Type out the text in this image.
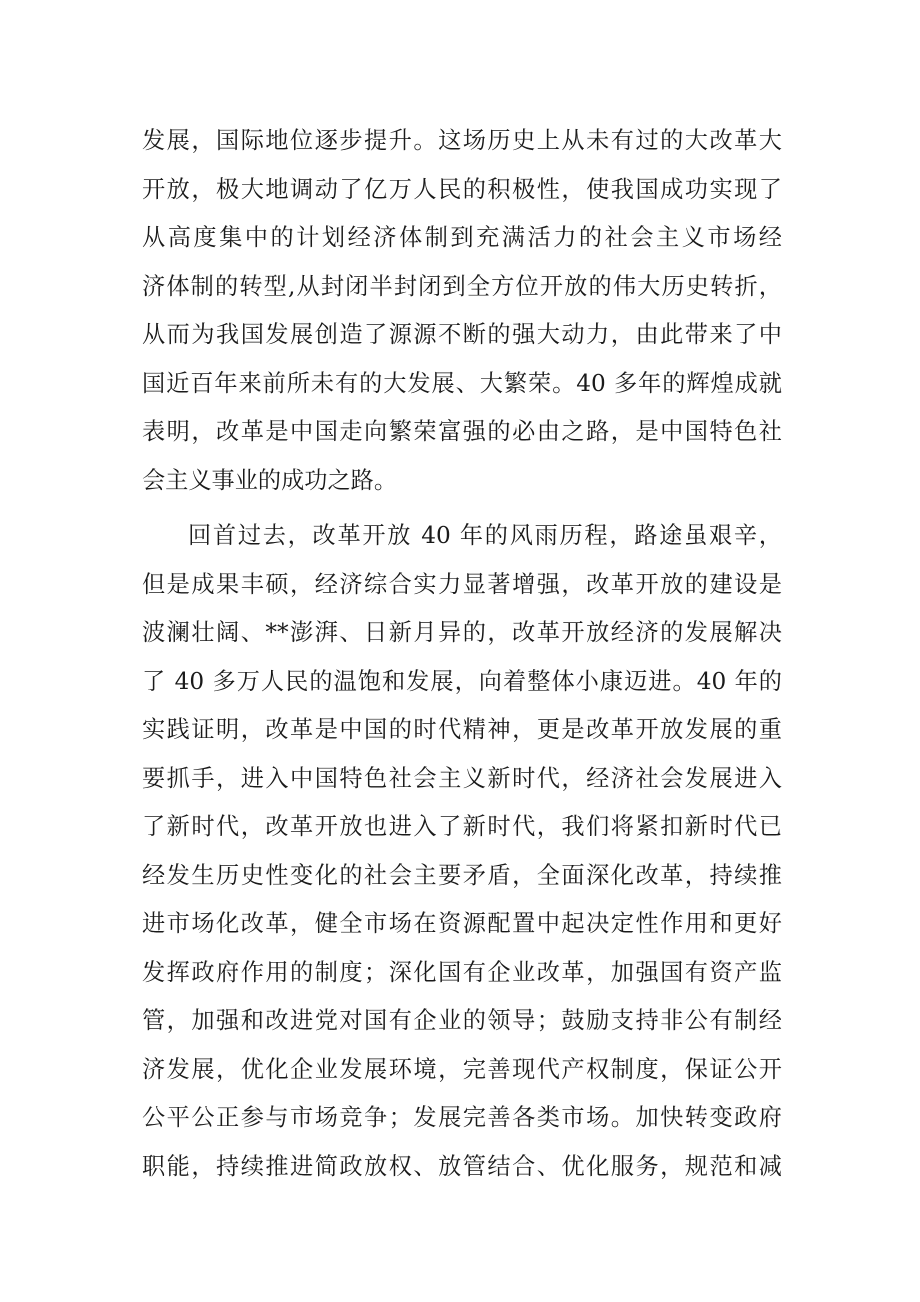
发展，国际地位逐步提升。这场历史上从未有过的大改革大
开放，极大地调动了亿万人民的积极性，使我国成功实现了
从高度集中的计划经济体制到充满活力的社会主义市场经
济体制的转型,从封闭半封闭到全方位开放的伟大历史转折，
从而为我国发展创造了源源不断的强大动力，由此带来了中
国近百年来前所未有的大发展、大繁荣。40 多年的辉煌成就
表明，改革是中国走向繁荣富强的必由之路，是中国特色社
会主义事业的成功之路。
回首过去，改革开放 40 年的风雨历程，路途虽艰辛，
但是成果丰硕，经济综合实力显著增强，改革开放的建设是
波澜壮阔、**澎湃、日新月异的，改革开放经济的发展解决
了 40 多万人民的温饱和发展，向着整体小康迈进。40 年的
实践证明，改革是中国的时代精神，更是改革开放发展的重
要抓手，进入中国特色社会主义新时代，经济社会发展进入
了新时代，改革开放也进入了新时代，我们将紧扣新时代已
经发生历史性变化的社会主要矛盾，全面深化改革，持续推
进市场化改革，健全市场在资源配置中起决定性作用和更好
发挥政府作用的制度；深化国有企业改革，加强国有资产监
管，加强和改进党对国有企业的领导；鼓励支持非公有制经
济发展，优化企业发展环境，完善现代产权制度，保证公开
公平公正参与市场竞争；发展完善各类市场。加快转变政府
职能，持续推进简政放权、放管结合、优化服务，规范和减
